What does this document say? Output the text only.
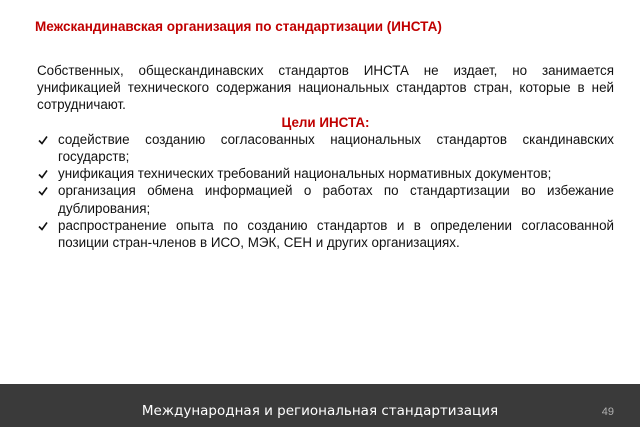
Межскандинавская организация по стандартизации (ИНСТА)

Собственных, общескандинавских стандартов ИНСТА не издает, но занимается унификацией технического содержания национальных стандартов стран, которые в ней сотрудничают.

Цели ИНСТА:

содействие созданию согласованных национальных стандартов скандинавских государств;
унификация технических требований национальных нормативных документов;
организация обмена информацией о работах по стандартизации во избежание дублирования;
распространение опыта по созданию стандартов и в определении согласованной позиции стран-членов в ИСО, МЭК, СЕН и других организациях.
Международная и региональная стандартизация	49
